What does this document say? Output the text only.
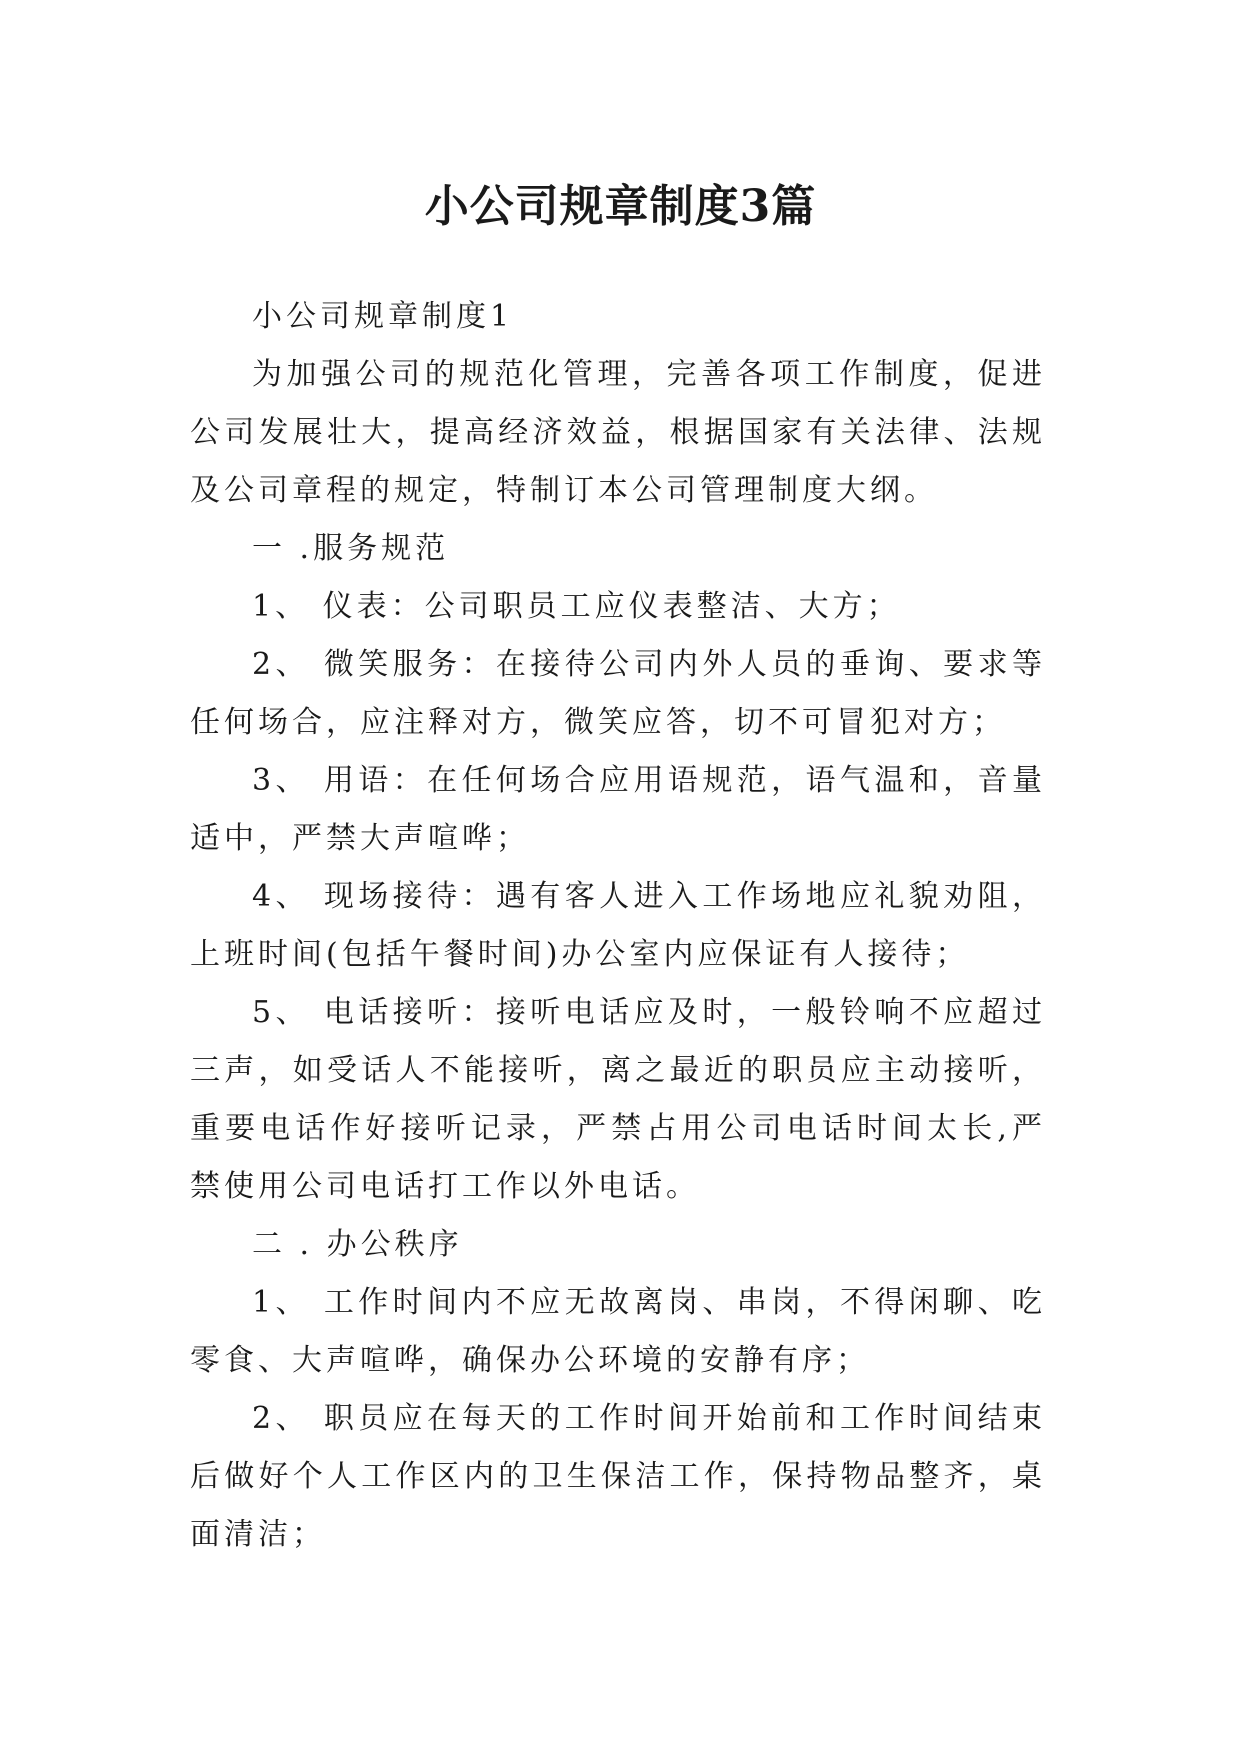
小公司规章制度3篇

小公司规章制度1

为加强公司的规范化管理，完善各项工作制度，促进公司发展壮大，提高经济效益，根据国家有关法律、法规及公司章程的规定，特制订本公司管理制度大纲。

一 .服务规范

1、 仪表：公司职员工应仪表整洁、大方；

2、 微笑服务：在接待公司内外人员的垂询、要求等任何场合，应注释对方，微笑应答，切不可冒犯对方；

3、 用语：在任何场合应用语规范，语气温和，音量适中，严禁大声喧哗；

4、 现场接待：遇有客人进入工作场地应礼貌劝阻，上班时间(包括午餐时间)办公室内应保证有人接待；

5、 电话接听：接听电话应及时，一般铃响不应超过三声，如受话人不能接听，离之最近的职员应主动接听，重要电话作好接听记录，严禁占用公司电话时间太长,严禁使用公司电话打工作以外电话。

二 . 办公秩序

1、 工作时间内不应无故离岗、串岗，不得闲聊、吃零食、大声喧哗，确保办公环境的安静有序；

2、 职员应在每天的工作时间开始前和工作时间结束后做好个人工作区内的卫生保洁工作，保持物品整齐，桌面清洁；
